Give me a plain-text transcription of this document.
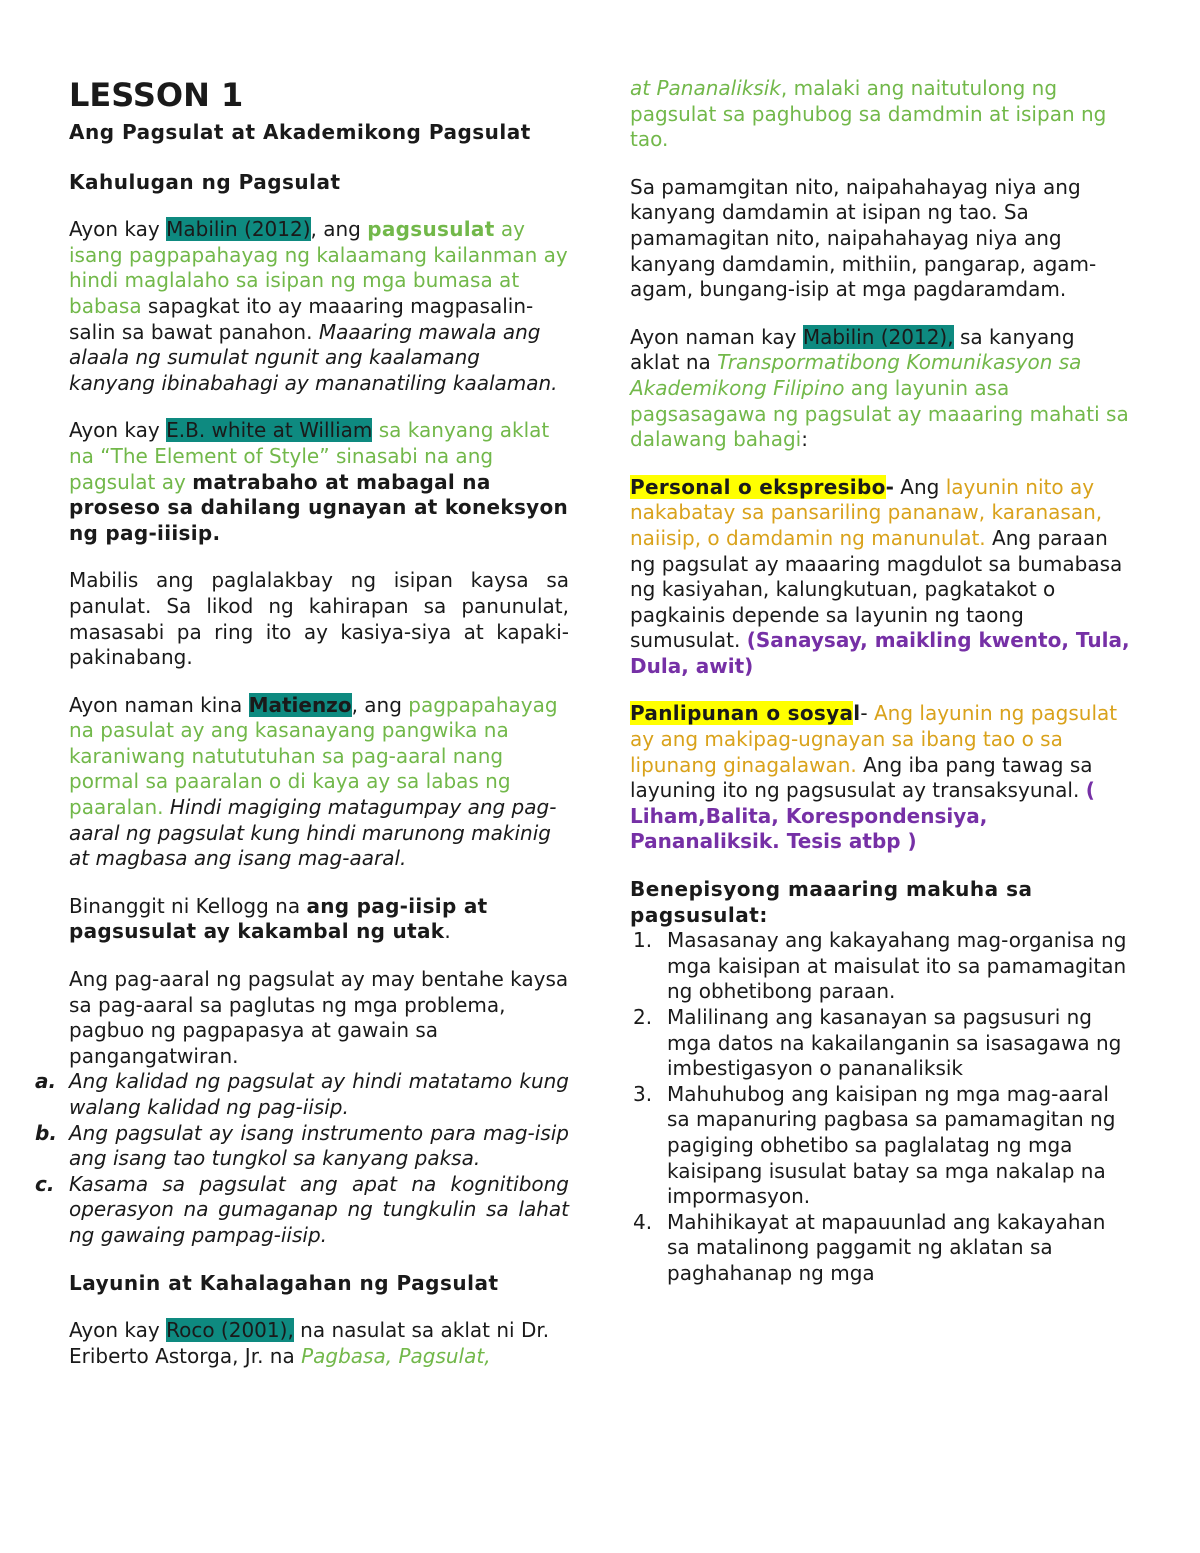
LESSON 1
Ang Pagsulat at Akademikong Pagsulat
Kahulugan ng Pagsulat

Ayon kay Mabilin (2012), ang pagsusulat ay isang pagpapahayag ng kalaamang kailanman ay hindi maglalaho sa isipan ng mga bumasa at babasa sapagkat ito ay maaaring magpasalin-salin sa bawat panahon. Maaaring mawala ang alaala ng sumulat ngunit ang kaalamang kanyang ibinabahagi ay mananatiling kaalaman.

Ayon kay E.B. white at William sa kanyang aklat na “The Element of Style” sinasabi na ang pagsulat ay matrabaho at mabagal na proseso sa dahilang ugnayan at koneksyon ng pag-iiisip.

Mabilis ang paglalakbay ng isipan kaysa sa panulat. Sa likod ng kahirapan sa panunulat, masasabi pa ring ito ay kasiya-siya at kapaki-pakinabang.

Ayon naman kina Matienzo, ang pagpapahayag na pasulat ay ang kasanayang pangwika na karaniwang natututuhan sa pag-aaral nang pormal sa paaralan o di kaya ay sa labas ng paaralan. Hindi magiging matagumpay ang pag-aaral ng pagsulat kung hindi marunong makinig at magbasa ang isang mag-aaral.

Binanggit ni Kellogg na ang pag-iisip at pagsusulat ay kakambal ng utak.

Ang pag-aaral ng pagsulat ay may bentahe kaysa sa pag-aaral sa paglutas ng mga problema, pagbuo ng pagpapasya at gawain sa pangangatwiran.

a. Ang kalidad ng pagsulat ay hindi matatamo kung walang kalidad ng pag-iisip.
b. Ang pagsulat ay isang instrumento para mag-isip ang isang tao tungkol sa kanyang paksa.
c. Kasama sa pagsulat ang apat na kognitibong operasyon na gumaganap ng tungkulin sa lahat ng gawaing pampag-iisip.
Layunin at Kahalagahan ng Pagsulat

Ayon kay Roco (2001), na nasulat sa aklat ni Dr. Eriberto Astorga, Jr. na Pagbasa, Pagsulat,

at Pananaliksik, malaki ang naitutulong ng pagsulat sa paghubog sa damdmin at isipan ng tao.

Sa pamamgitan nito, naipahahayag niya ang kanyang damdamin at isipan ng tao. Sa pamamagitan nito, naipahahayag niya ang kanyang damdamin, mithiin, pangarap, agam-agam, bungang-isip at mga pagdaramdam.

Ayon naman kay Mabilin (2012), sa kanyang aklat na Transpormatibong Komunikasyon sa Akademikong Filipino ang layunin asa pagsasagawa ng pagsulat ay maaaring mahati sa dalawang bahagi:

Personal o ekspresibo- Ang layunin nito ay nakabatay sa pansariling pananaw, karanasan, naiisip, o damdamin ng manunulat. Ang paraan ng pagsulat ay maaaring magdulot sa bumabasa ng kasiyahan, kalungkutuan, pagkatakot o pagkainis depende sa layunin ng taong sumusulat. (Sanaysay, maikling kwento, Tula, Dula, awit)

Panlipunan o sosyal- Ang layunin ng pagsulat ay ang makipag-ugnayan sa ibang tao o sa lipunang ginagalawan. Ang iba pang tawag sa layuning ito ng pagsusulat ay transaksyunal. ( Liham,Balita, Korespondensiya, Pananaliksik. Tesis atbp )

Benepisyong maaaring makuha sa pagsusulat:
1. Masasanay ang kakayahang mag-organisa ng mga kaisipan at maisulat ito sa pamamagitan ng obhetibong paraan.
2. Malilinang ang kasanayan sa pagsusuri ng mga datos na kakailanganin sa isasagawa ng imbestigasyon o pananaliksik
3. Mahuhubog ang kaisipan ng mga mag-aaral sa mapanuring pagbasa sa pamamagitan ng pagiging obhetibo sa paglalatag ng mga kaisipang isusulat batay sa mga nakalap na impormasyon.
4. Mahihikayat at mapauunlad ang kakayahan sa matalinong paggamit ng aklatan sa paghahanap ng mga
